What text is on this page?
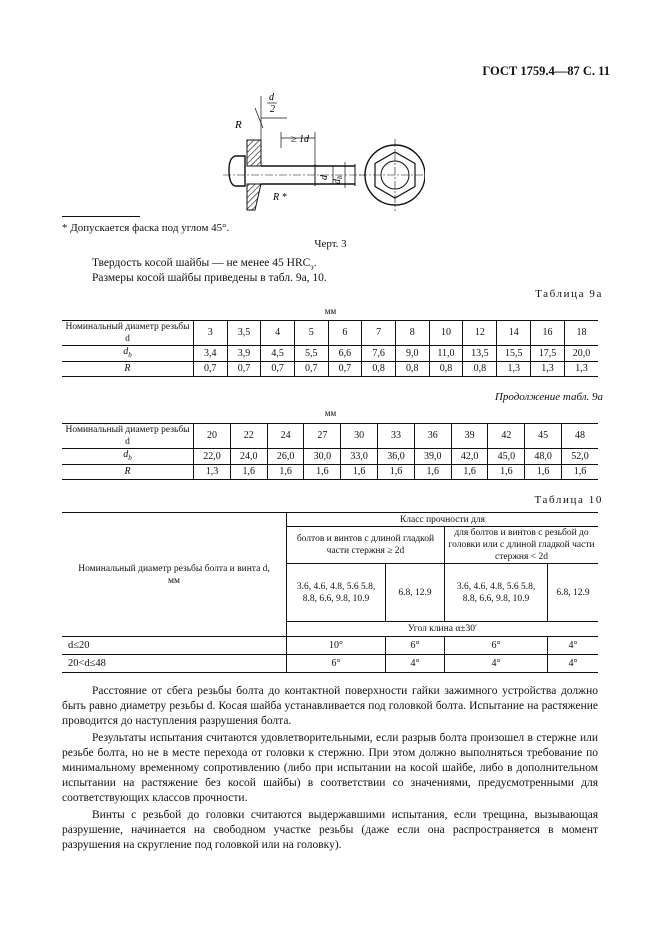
ГОСТ 1759.4—87 С. 11
d
2
R
≥ 1d
d
$d_b$
R *
* Допускается фаска под углом 45°.
Черт. 3
Твердость косой шайбы — не менее 45 $HRC_э$.
Размеры косой шайбы приведены в табл. 9а, 10.
Таблица 9а
мм
Номинальный диаметр резьбы d	3	3,5	4	5	6	7	8	10	12	14	16	18
$d_b$	3,4	3,9	4,5	5,5	6,6	7,6	9,0	11,0	13,5	15,5	17,5	20,0
R	0,7	0,7	0,7	0,7	0,7	0,8	0,8	0,8	0,8	1,3	1,3	1,3
Продолжение табл. 9а
мм
Номинальный диаметр резьбы d	20	22	24	27	30	33	36	39	42	45	48
$d_b$	22,0	24,0	26,0	30,0	33,0	36,0	39,0	42,0	45,0	48,0	52,0
R	1,3	1,6	1,6	1,6	1,6	1,6	1,6	1,6	1,6	1,6	1,6
Таблица 10
Номинальный диаметр резьбы болта и винта d, мм	Класс прочности для			
	болтов и винтов с длиной гладкой части стержня ≥ 2d		для болтов и винтов с резьбой до головки или с длиной гладкой части стержня < 2d	
	3.6, 4.6, 4.8, 5.6 5.8, 8.8, 6.6, 9.8, 10.9	6.8, 12.9	3.6, 4.6, 4.8, 5.6 5.8, 8.8, 6.6, 9.8, 10.9	6.8, 12.9
	Угол клина α±30′			
d≤20	10°	6°	6°	4°
20<d≤48	6°	4°	4°	4°

Расстояние от сбега резьбы болта до контактной поверхности гайки зажимного устройства должно быть равно диаметру резьбы d. Косая шайба устанавливается под головкой болта. Испытание на растяжение проводится до наступления разрушения болта.

Результаты испытания считаются удовлетворительными, если разрыв болта произошел в стержне или резьбе болта, но не в месте перехода от головки к стержню. При этом должно выполняться требование по минимальному временному сопротивлению (либо при испытании на косой шайбе, либо в дополнительном испытании на растяжение без косой шайбы) в соответствии со значениями, предусмотренными для соответствующих классов прочности.

Винты с резьбой до головки считаются выдержавшими испытания, если трещина, вызывающая разрушение, начинается на свободном участке резьбы (даже если она распространяется в момент разрушения на скругление под головкой или на головку).
